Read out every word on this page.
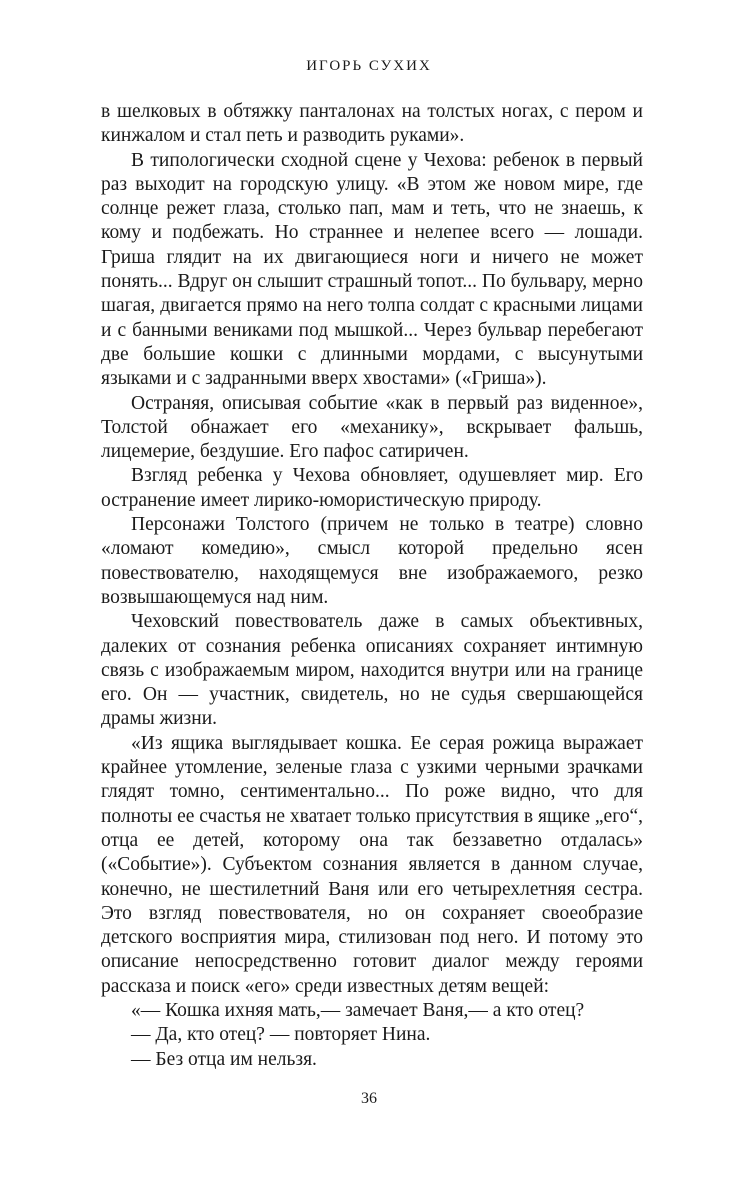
ИГОРЬ СУХИХ

в шелковых в обтяжку панталонах на толстых ногах, с пером и кинжалом и стал петь и разводить руками».

В типологически сходной сцене у Чехова: ребенок в первый раз выходит на городскую улицу. «В этом же новом мире, где солнце режет глаза, столько пап, мам и теть, что не знаешь, к кому и подбежать. Но страннее и нелепее всего — лошади. Гриша глядит на их двигающиеся ноги и ничего не может понять... Вдруг он слышит страшный топот... По бульвару, мерно шагая, двигается прямо на него толпа солдат с красными лицами и с банными вениками под мышкой... Через бульвар перебегают две большие кошки с длинными мордами, с высунутыми языками и с задранными вверх хвостами» («Гриша»).

Остраняя, описывая событие «как в первый раз виденное», Толстой обнажает его «механику», вскрывает фальшь, лицемерие, бездушие. Его пафос сатиричен.

Взгляд ребенка у Чехова обновляет, одушевляет мир. Его остранение имеет лирико-юмористическую природу.

Персонажи Толстого (причем не только в театре) словно «ломают комедию», смысл которой предельно ясен повествователю, находящемуся вне изображаемого, резко возвышающемуся над ним.

Чеховский повествователь даже в самых объективных, далеких от сознания ребенка описаниях сохраняет интимную связь с изображаемым миром, находится внутри или на границе его. Он — участник, свидетель, но не судья свершающейся драмы жизни.

«Из ящика выглядывает кошка. Ее серая рожица выражает крайнее утомление, зеленые глаза с узкими черными зрачками глядят томно, сентиментально... По роже видно, что для полноты ее счастья не хватает только присутствия в ящике „его“, отца ее детей, которому она так беззаветно отдалась» («Событие»). Субъектом сознания является в данном случае, конечно, не шестилетний Ваня или его четырехлетняя сестра. Это взгляд повествователя, но он сохраняет своеобразие детского восприятия мира, стилизован под него. И потому это описание непосредственно готовит диалог между героями рассказа и поиск «его» среди известных детям вещей:

«— Кошка ихняя мать,— замечает Ваня,— а кто отец?

— Да, кто отец? — повторяет Нина.

— Без отца им нельзя.

36
